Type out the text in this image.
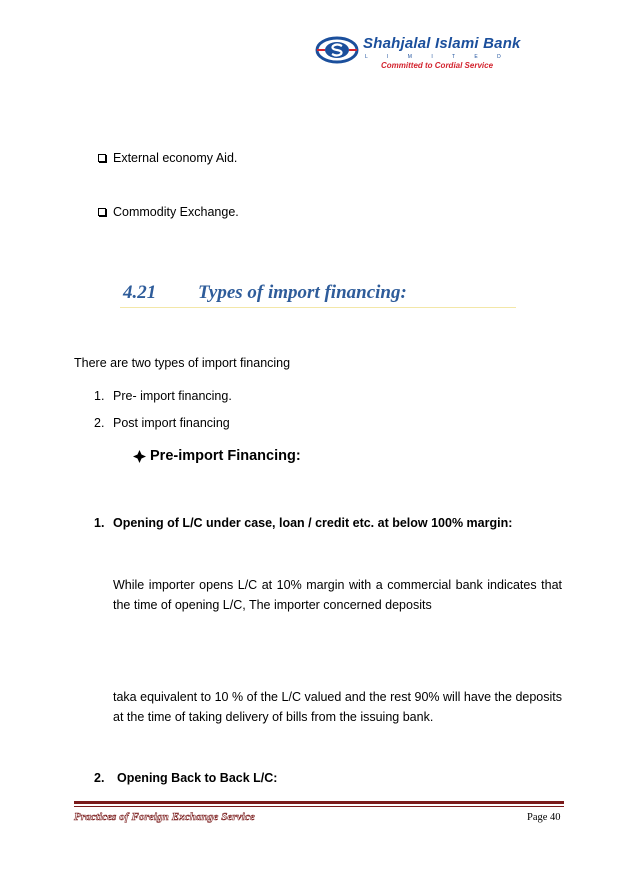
Shahjalal Islami Bank
L I M I T E D
Committed to Cordial Service
External economy Aid.
Commodity Exchange.
4.21 Types of import financing:
There are two types of import financing
1. Pre- import financing.
2. Post import financing
Pre-import Financing:
1. Opening of L/C under case, loan / credit etc. at below 100% margin:
While importer opens L/C at 10% margin with a commercial bank indicates that the time of opening L/C, The importer concerned deposits
taka equivalent to 10 % of the L/C valued and the rest 90% will have the deposits at the time of taking delivery of bills from the issuing bank.
2. Opening Back to Back L/C:
Practices of Foreign Exchange Service	Page 40
